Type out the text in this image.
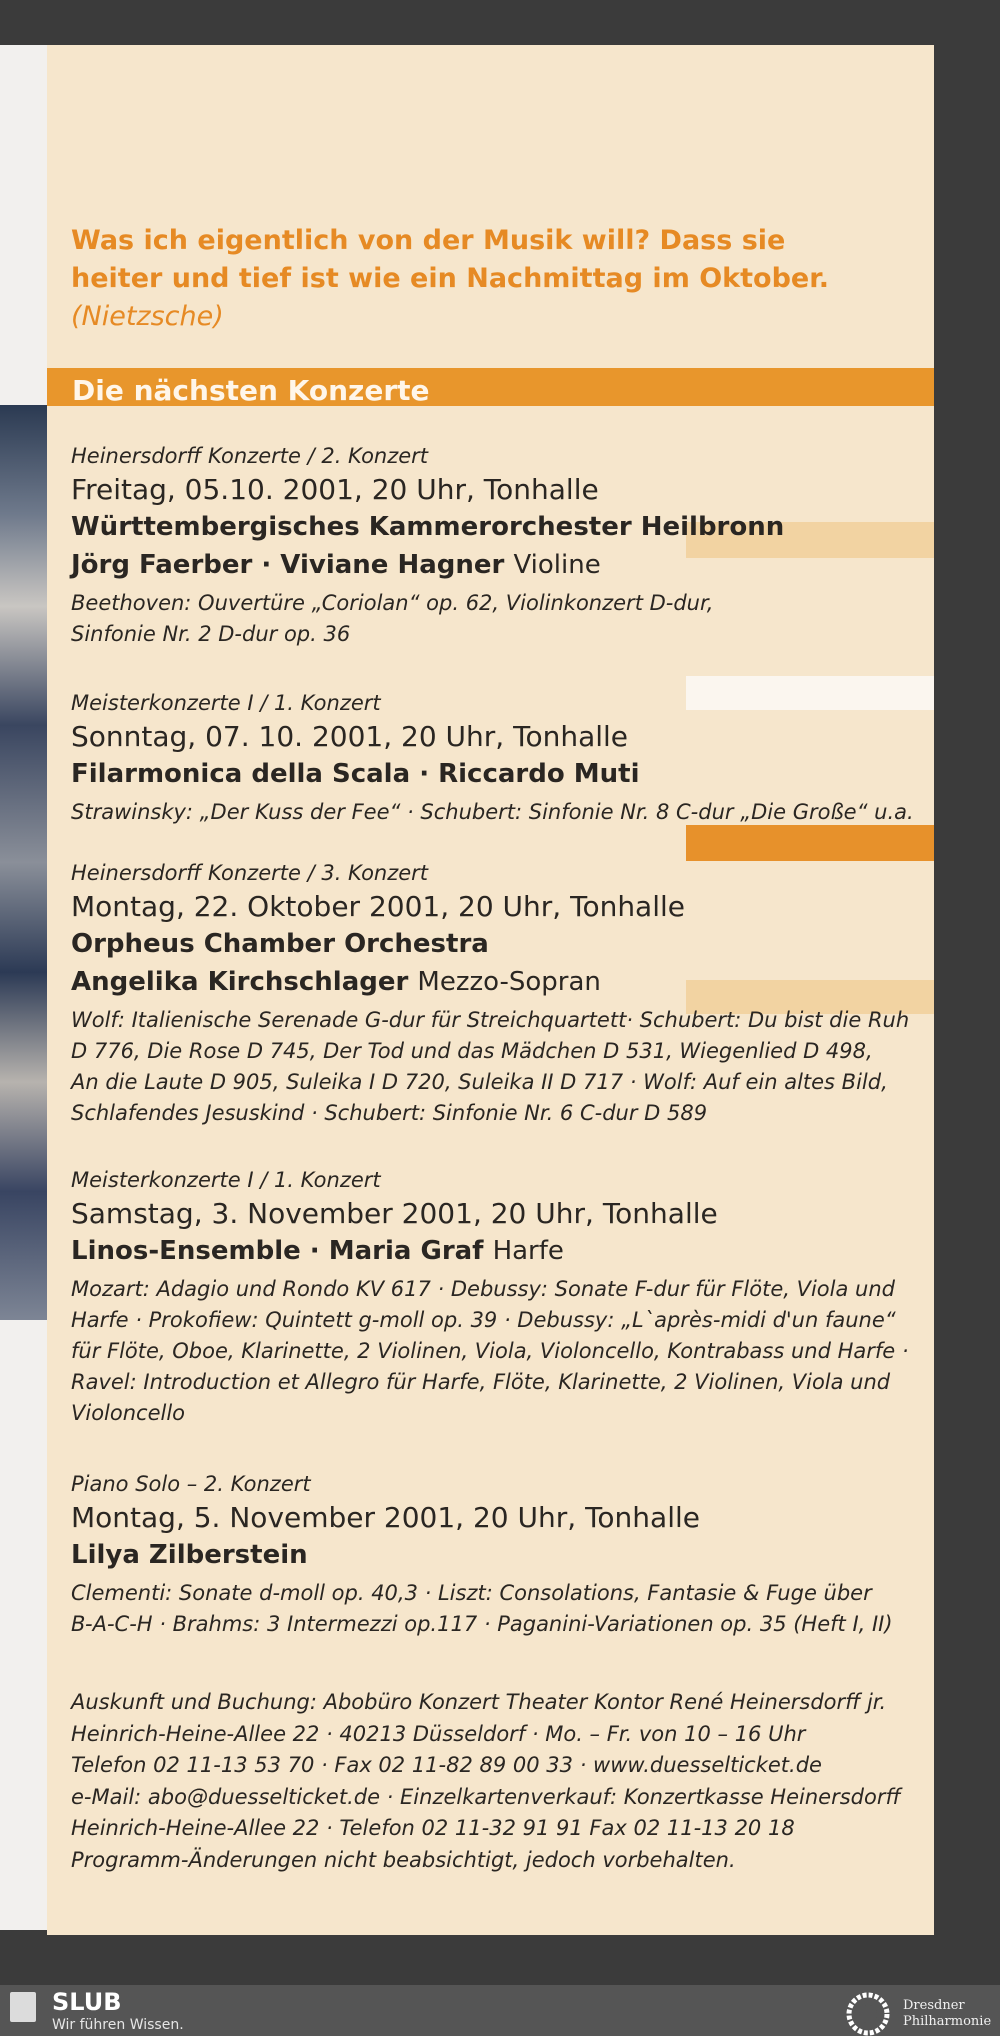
Was ich eigentlich von der Musik will? Dass sie
heiter und tief ist wie ein Nachmittag im Oktober.
(Nietzsche)
Die nächsten Konzerte
Heinersdorff Konzerte / 2. Konzert
Freitag, 05.10. 2001, 20 Uhr, Tonhalle
Württembergisches Kammerorchester Heilbronn
Jörg Faerber · Viviane Hagner Violine
Beethoven: Ouvertüre „Coriolan“ op. 62, Violinkonzert D-dur,
Sinfonie Nr. 2 D-dur op. 36
Meisterkonzerte I / 1. Konzert
Sonntag, 07. 10. 2001, 20 Uhr, Tonhalle
Filarmonica della Scala · Riccardo Muti
Strawinsky: „Der Kuss der Fee“ · Schubert: Sinfonie Nr. 8 C-dur „Die Große“ u.a.
Heinersdorff Konzerte / 3. Konzert
Montag, 22. Oktober 2001, 20 Uhr, Tonhalle
Orpheus Chamber Orchestra
Angelika Kirchschlager Mezzo-Sopran
Wolf: Italienische Serenade G-dur für Streichquartett· Schubert: Du bist die Ruh
D 776, Die Rose D 745, Der Tod und das Mädchen D 531, Wiegenlied D 498,
An die Laute D 905, Suleika I D 720, Suleika II D 717 · Wolf: Auf ein altes Bild,
Schlafendes Jesuskind · Schubert: Sinfonie Nr. 6 C-dur D 589
Meisterkonzerte I / 1. Konzert
Samstag, 3. November 2001, 20 Uhr, Tonhalle
Linos-Ensemble · Maria Graf Harfe
Mozart: Adagio und Rondo KV 617 · Debussy: Sonate F-dur für Flöte, Viola und
Harfe · Prokofiew: Quintett g-moll op. 39 · Debussy: „L`après-midi d'un faune“
für Flöte, Oboe, Klarinette, 2 Violinen, Viola, Violoncello, Kontrabass und Harfe ·
Ravel: Introduction et Allegro für Harfe, Flöte, Klarinette, 2 Violinen, Viola und
Violoncello
Piano Solo – 2. Konzert
Montag, 5. November 2001, 20 Uhr, Tonhalle
Lilya Zilberstein
Clementi: Sonate d-moll op. 40,3 · Liszt: Consolations, Fantasie & Fuge über
B-A-C-H · Brahms: 3 Intermezzi op.117 · Paganini-Variationen op. 35 (Heft I, II)
Auskunft und Buchung: Abobüro Konzert Theater Kontor René Heinersdorff jr.
Heinrich-Heine-Allee 22 · 40213 Düsseldorf · Mo. – Fr. von 10 – 16 Uhr
Telefon 02 11-13 53 70 · Fax 02 11-82 89 00 33 · www.duesselticket.de
e-Mail: abo@duesselticket.de · Einzelkartenverkauf: Konzertkasse Heinersdorff
Heinrich-Heine-Allee 22 · Telefon 02 11-32 91 91 Fax 02 11-13 20 18
Programm-Änderungen nicht beabsichtigt, jedoch vorbehalten.
SLUB
Wir führen Wissen.
Dresdner
Philharmonie
